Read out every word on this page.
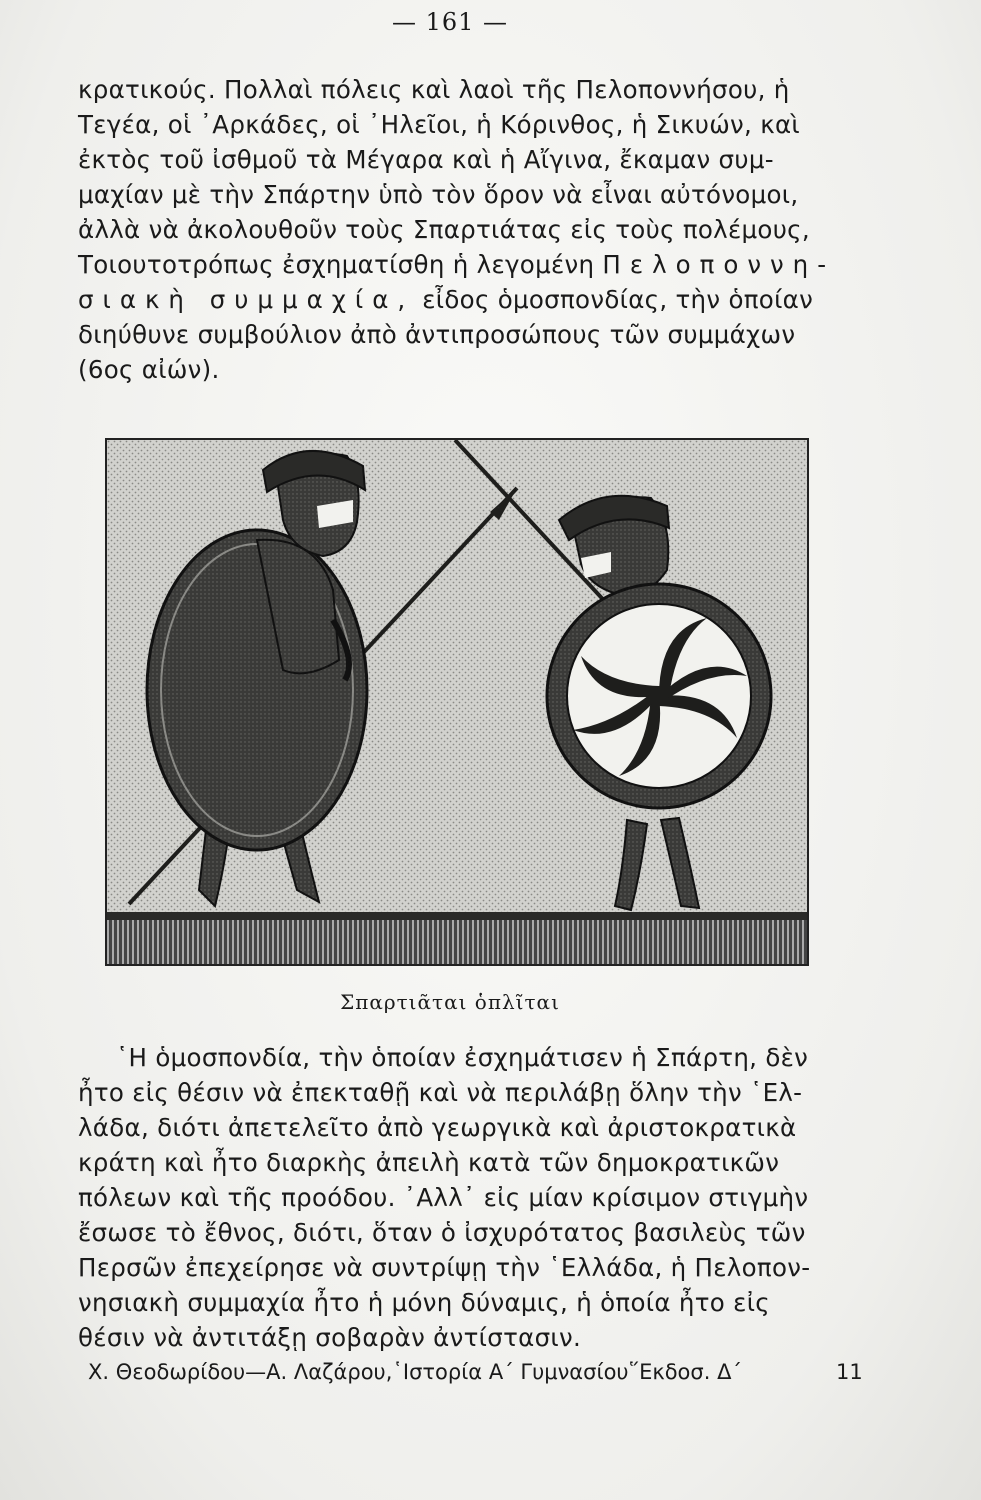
— 161 —
κρατικούς. Πολλαὶ πόλεις καὶ λαοὶ τῆς Πελοποννήσου, ἡ
Τεγέα, οἱ ᾿Αρκάδες, οἱ ᾿Ηλεῖοι, ἡ Κόρινθος, ἡ Σικυών, καὶ
ἐκτὸς τοῦ ἰσθμοῦ τὰ Μέγαρα καὶ ἡ Αἴγινα, ἔκαμαν συμ-
μαχίαν μὲ τὴν Σπάρτην ὑπὸ τὸν ὅρον νὰ εἶναι αὐτόνομοι,
ἀλλὰ νὰ ἀκολουθοῦν τοὺς Σπαρτιάτας εἰς τοὺς πολέμους,
Τοιουτοτρόπως ἐσχηματίσθη ἡ λεγομένη Πελοποννη-
σιακὴ συμμαχία, εἶδος ὁμοσπονδίας, τὴν ὁποίαν
διηύθυνε συμβούλιον ἀπὸ ἀντιπροσώπους τῶν συμμάχων
(6ος αἰών).
Σπαρτιᾶται ὁπλῖται
῾Η ὁμοσπονδία, τὴν ὁποίαν ἐσχημάτισεν ἡ Σπάρτη, δὲν
ἦτο εἰς θέσιν νὰ ἐπεκταθῇ καὶ νὰ περιλάβῃ ὅλην τὴν ῾Ελ-
λάδα, διότι ἀπετελεῖτο ἀπὸ γεωργικὰ καὶ ἀριστοκρατικὰ
κράτη καὶ ἦτο διαρκὴς ἀπειλὴ κατὰ τῶν δημοκρατικῶν
πόλεων καὶ τῆς προόδου. ᾿Αλλ᾿ εἰς μίαν κρίσιμον στιγμὴν
ἔσωσε τὸ ἔθνος, διότι, ὅταν ὁ ἰσχυρότατος βασιλεὺς τῶν
Περσῶν ἐπεχείρησε νὰ συντρίψῃ τὴν ῾Ελλάδα, ἡ Πελοπον-
νησιακὴ συμμαχία ἦτο ἡ μόνη δύναμις, ἡ ὁποία ἦτο εἰς
θέσιν νὰ ἀντιτάξῃ σοβαρὰν ἀντίστασιν.
Χ. Θεοδωρίδου—Α. Λαζάρου,῾Ιστορία Α΄ Γυμνασίου῞Εκδοσ. Δ΄	11
